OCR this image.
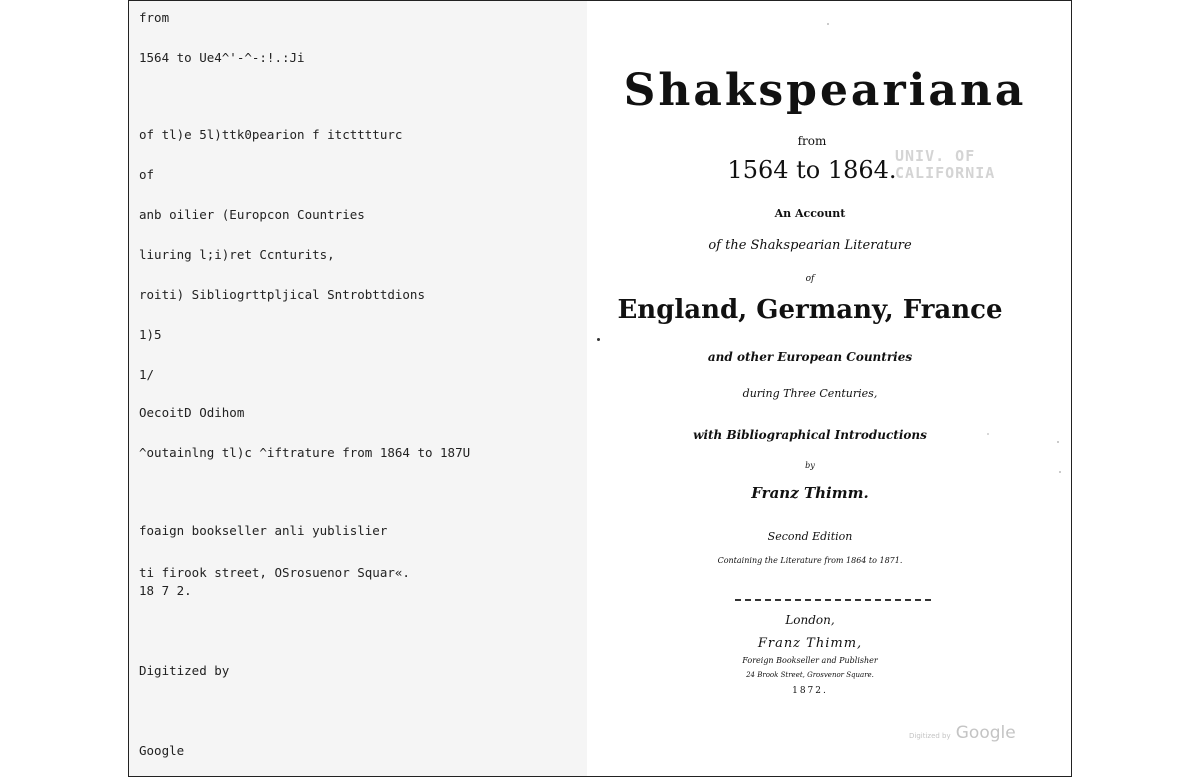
from
1564 to Ue4^'-^-:!.:Ji
of tl)e 5l)ttk0pearion f itctttturc
of
anb oilier (Europcon Countries
liuring l;i)ret Ccnturits,
roiti) Sibliogrttpljical Sntrobttdions
1)5
1/
OecoitD Odihom
^outainlng tl)c ^iftrature from 1864 to 187U
foaign bookseller anli yublislier
ti firook street, OSrosuenor Squar«.
18 7 2.
Digitized by
Google
Shakspeariana
from
1564 to 1864.
An Account
of the Shakspearian Literature
of
England, Germany, France
and other European Countries
during Three Centuries,
with Bibliographical Introductions
by
Franz Thimm.
Second Edition
Containing the Literature from 1864 to 1871.
London,
Franz Thimm,
Foreign Bookseller and Publisher
24 Brook Street, Grosvenor Square.
1872.
UNIV. OF
CALIFORNIA
Digitized by Google
